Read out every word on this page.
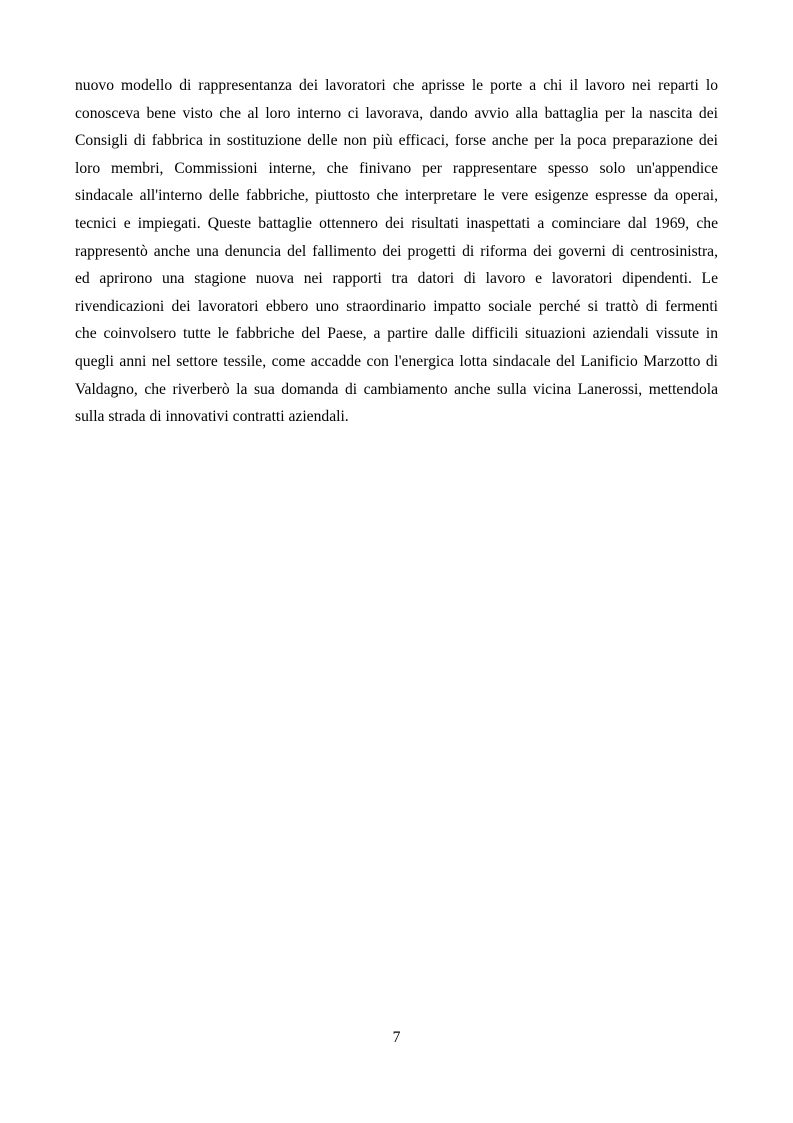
nuovo modello di rappresentanza dei lavoratori che aprisse le porte a chi il lavoro nei reparti lo
conosceva bene visto che al loro interno ci lavorava, dando avvio alla battaglia per la nascita dei
Consigli di fabbrica in sostituzione delle non più efficaci, forse anche per la poca preparazione dei
loro membri, Commissioni interne, che finivano per rappresentare spesso solo un'appendice
sindacale all'interno delle fabbriche, piuttosto che interpretare le vere esigenze espresse da operai,
tecnici e impiegati. Queste battaglie ottennero dei risultati inaspettati a cominciare dal 1969, che
rappresentò anche una denuncia del fallimento dei progetti di riforma dei governi di centrosinistra,
ed aprirono una stagione nuova nei rapporti tra datori di lavoro e lavoratori dipendenti. Le
rivendicazioni dei lavoratori ebbero uno straordinario impatto sociale perché si trattò di fermenti
che coinvolsero tutte le fabbriche del Paese, a partire dalle difficili situazioni aziendali vissute in
quegli anni nel settore tessile, come accadde con l'energica lotta sindacale del Lanificio Marzotto di
Valdagno, che riverberò la sua domanda di cambiamento anche sulla vicina Lanerossi, mettendola
sulla strada di innovativi contratti aziendali.

7
